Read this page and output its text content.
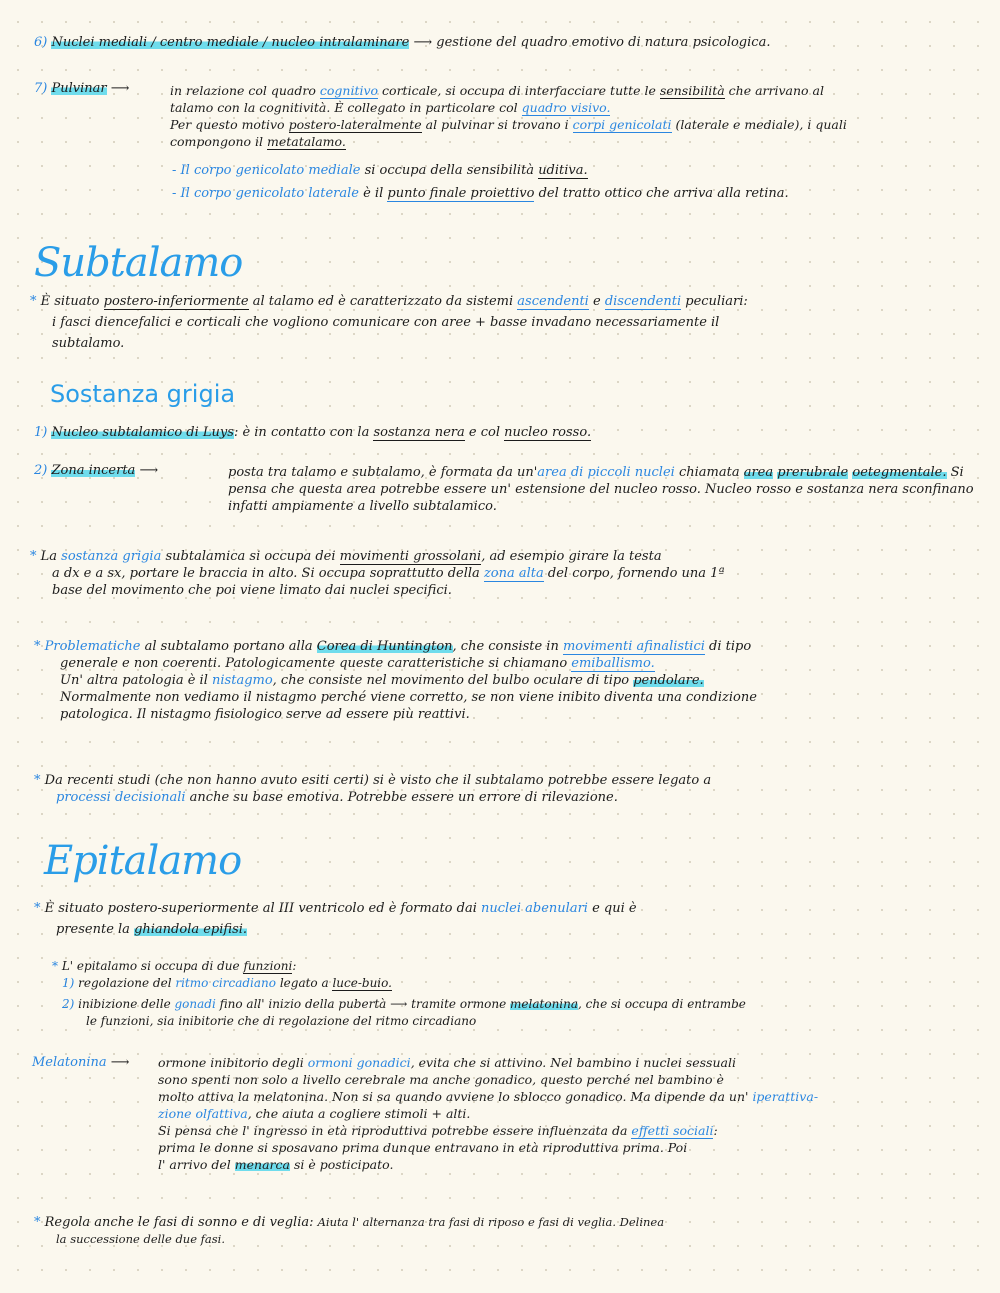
6) Nuclei mediali / centro mediale / nucleo intralaminare ⟶ gestione del quadro emotivo di natura psicologica.
7) Pulvinar ⟶	in relazione col quadro cognitivo corticale, si occupa di interfacciare tutte le sensibilità che arrivano al
talamo con la cognitività. È collegato in particolare col quadro visivo.
Per questo motivo postero-lateralmente al pulvinar si trovano i corpi genicolati (laterale e mediale), i quali
compongono il metatalamo.
- Il corpo genicolato mediale si occupa della sensibilità uditiva.
- Il corpo genicolato laterale è il punto finale proiettivo del tratto ottico che arriva alla retina.
Subtalamo
* È situato postero-inferiormente al talamo ed è caratterizzato da sistemi ascendenti e discendenti peculiari:
i fasci diencefalici e corticali che vogliono comunicare con aree + basse invadano necessariamente il
subtalamo.
Sostanza grigia
1) Nucleo subtalamico di Luys: è in contatto con la sostanza nera e col nucleo rosso.
2) Zona incerta ⟶	posta tra talamo e subtalamo, è formata da un'area di piccoli nuclei chiamata area prerubrale oetegmentale. Si pensa che questa area potrebbe essere un' estensione del nucleo rosso. Nucleo rosso e sostanza nera sconfinano infatti ampiamente a livello subtalamico.
* La sostanza grigia subtalamica si occupa dei movimenti grossolani, ad esempio girare la testa
a dx e a sx, portare le braccia in alto. Si occupa soprattutto della zona alta del corpo, fornendo una 1ª
base del movimento che poi viene limato dai nuclei specifici.
* Problematiche al subtalamo portano alla Corea di Huntington, che consiste in movimenti afinalistici di tipo
generale e non coerenti. Patologicamente queste caratteristiche si chiamano emiballismo.
Un' altra patologia è il nistagmo, che consiste nel movimento del bulbo oculare di tipo pendolare.
Normalmente non vediamo il nistagmo perché viene corretto, se non viene inibito diventa una condizione
patologica. Il nistagmo fisiologico serve ad essere più reattivi.
* Da recenti studi (che non hanno avuto esiti certi) si è visto che il subtalamo potrebbe essere legato a
processi decisionali anche su base emotiva. Potrebbe essere un errore di rilevazione.
Epitalamo
* È situato postero-superiormente al III ventricolo ed è formato dai nuclei abenulari e qui è
presente la ghiandola epifisi.
* L' epitalamo si occupa di due funzioni:
1) regolazione del ritmo circadiano legato a luce-buio.
2) inibizione delle gonadi fino all' inizio della pubertà ⟶ tramite ormone melatonina, che si occupa di entrambe
le funzioni, sia inibitorie che di regolazione del ritmo circadiano
Melatonina ⟶	ormone inibitorio degli ormoni gonadici, evita che si attivino. Nel bambino i nuclei sessuali
sono spenti non solo a livello cerebrale ma anche gonadico, questo perché nel bambino è
molto attiva la melatonina. Non si sa quando avviene lo sblocco gonadico. Ma dipende da un' iperattiva-
zione olfattiva, che aiuta a cogliere stimoli + alti.
Si pensa che l' ingresso in età riproduttiva potrebbe essere influenzata da effetti sociali:
prima le donne si sposavano prima dunque entravano in età riproduttiva prima. Poi
l' arrivo del menarca si è posticipato.
* Regola anche le fasi di sonno e di veglia: Aiuta l' alternanza tra fasi di riposo e fasi di veglia. Delinea
la successione delle due fasi.
